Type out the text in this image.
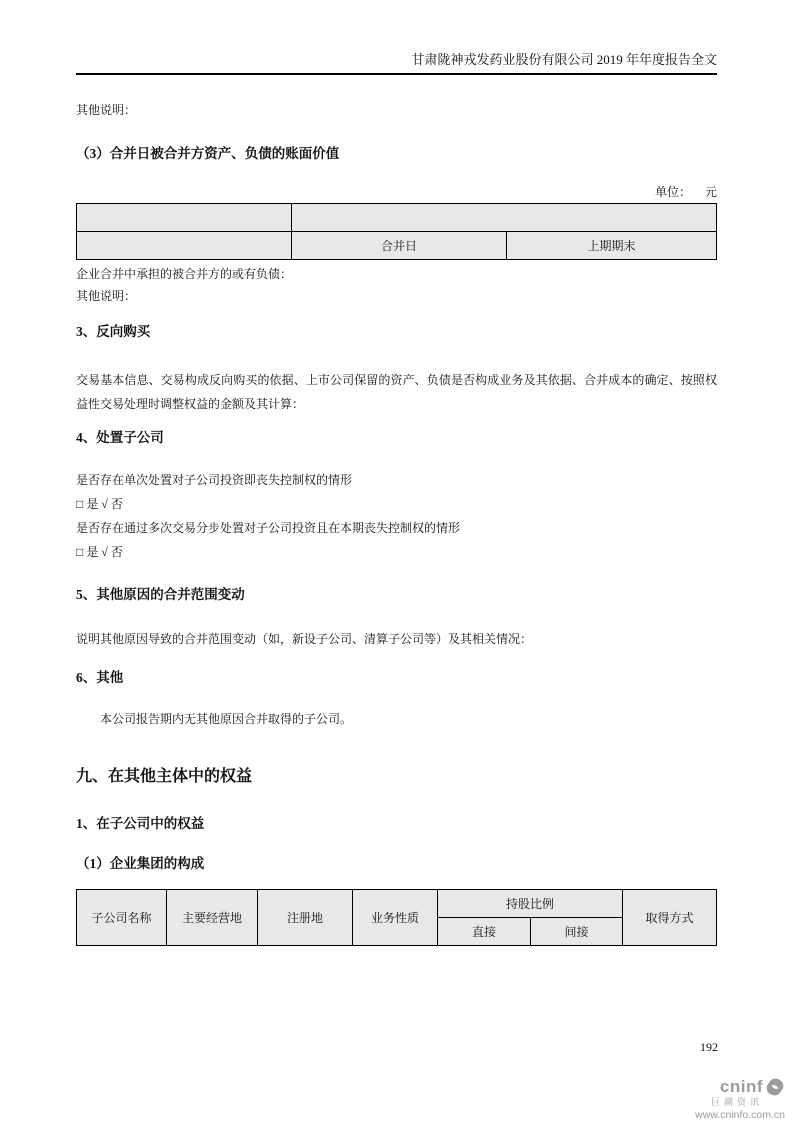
甘肃陇神戎发药业股份有限公司 2019 年年度报告全文

其他说明：

（3）合并日被合并方资产、负债的账面价值
单位： 元

	合并日	上期期末

企业合并中承担的被合并方的或有负债：

其他说明：

3、反向购买

交易基本信息、交易构成反向购买的依据、上市公司保留的资产、负债是否构成业务及其依据、合并成本的确定、按照权益性交易处理时调整权益的金额及其计算：

4、处置子公司
是否存在单次处置对子公司投资即丧失控制权的情形
□ 是 √ 否
是否存在通过多次交易分步处置对子公司投资且在本期丧失控制权的情形
□ 是 √ 否
5、其他原因的合并范围变动

说明其他原因导致的合并范围变动（如，新设子公司、清算子公司等）及其相关情况：

6、其他

本公司报告期内无其他原因合并取得的子公司。

九、在其他主体中的权益
1、在子公司中的权益
（1）企业集团的构成
子公司名称	主要经营地	注册地	业务性质	持股比例		取得方式
				直接	间接	
192
cninf
巨潮资讯
www.cninfo.com.cn
